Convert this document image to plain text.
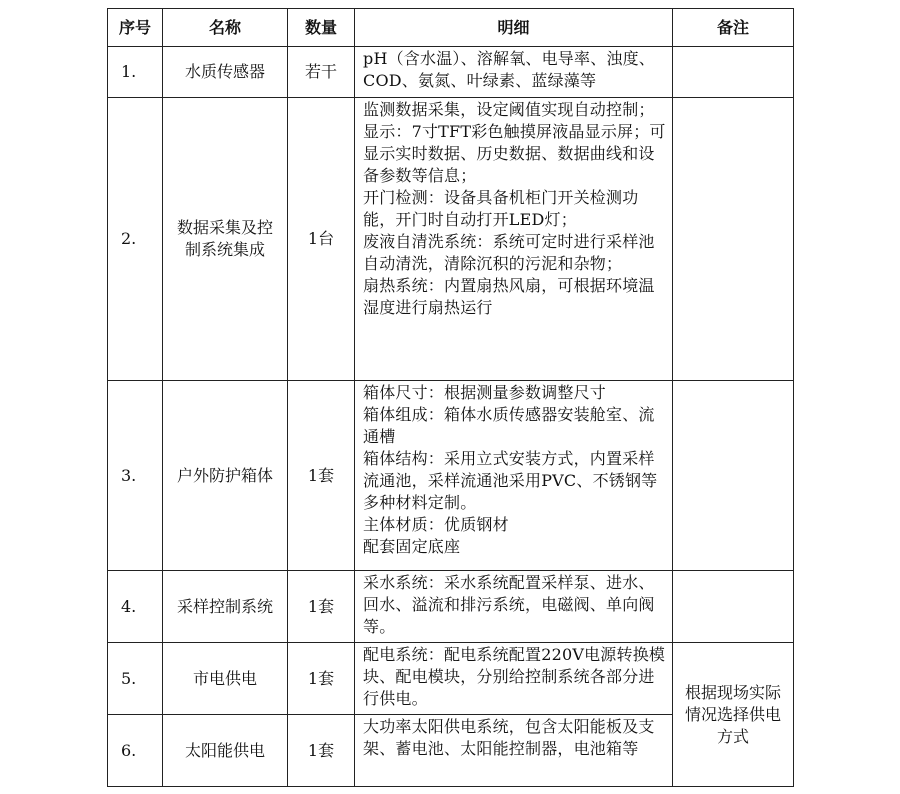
序号	名称	数量	明细	备注
1.	水质传感器	若干	pH（含水温）、溶解氧、电导率、浊度、COD、氨氮、叶绿素、蓝绿藻等	

2.	数据采集及控制系统集成	1台	监测数据采集，设定阈值实现自动控制；
显示：7寸TFT彩色触摸屏液晶显示屏；可显示实时数据、历史数据、数据曲线和设备参数等信息；
开门检测：设备具备机柜门开关检测功能，开门时自动打开LED灯；
废液自清洗系统：系统可定时进行采样池自动清洗，清除沉积的污泥和杂物；
扇热系统：内置扇热风扇，可根据环境温湿度进行扇热运行	

3.	户外防护箱体	1套	箱体尺寸：根据测量参数调整尺寸
箱体组成：箱体水质传感器安装舱室、流通槽
箱体结构：采用立式安装方式，内置采样流通池，采样流通池采用PVC、不锈钢等多种材料定制。
主体材质：优质钢材
配套固定底座	

4.	采样控制系统	1套	采水系统：采水系统配置采样泵、进水、回水、溢流和排污系统，电磁阀、单向阀等。	

5.	市电供电	1套	配电系统：配电系统配置220V电源转换模块、配电模块，分别给控制系统各部分进行供电。	根据现场实际情况选择供电方式
6.	太阳能供电	1套	大功率太阳供电系统，包含太阳能板及支架、蓄电池、太阳能控制器，电池箱等	
